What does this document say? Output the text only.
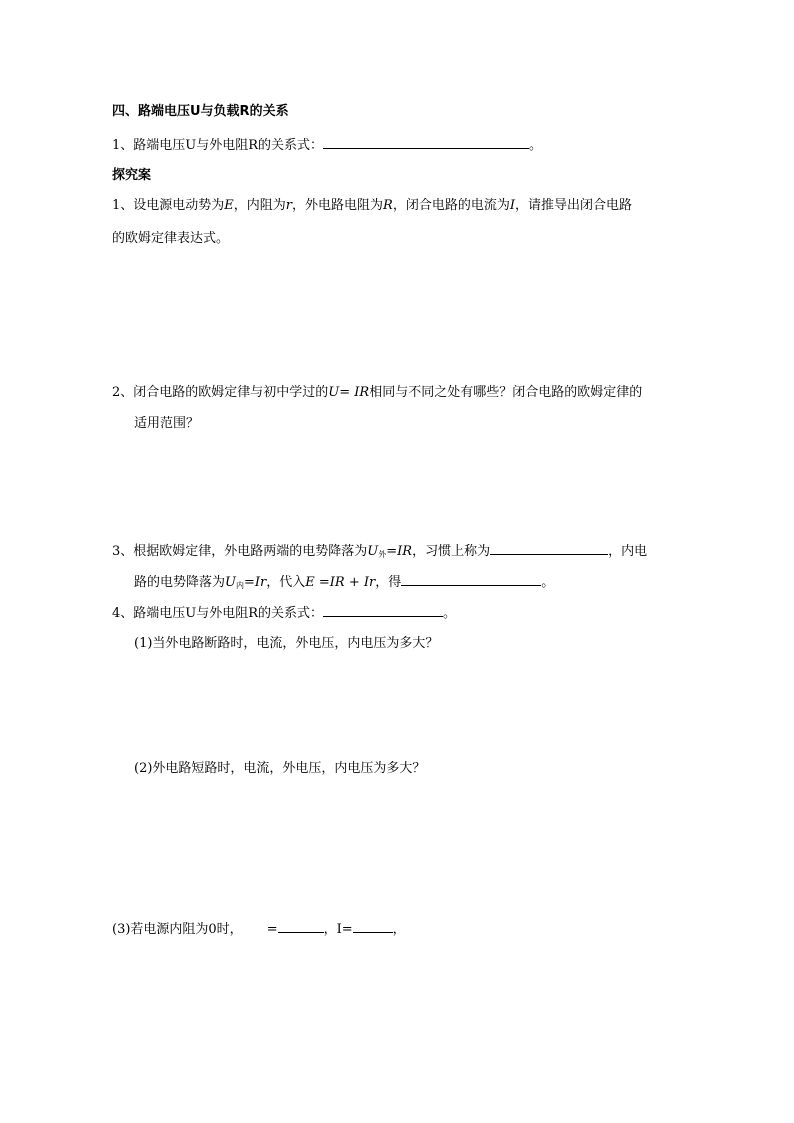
四、路端电压U与负载R的关系
1、路端电压U与外电阻R的关系式：	。
探究案
1、设电源电动势为E，内阻为r，外电路电阻为R，闭合电路的电流为I，请推导出闭合电路
的欧姆定律表达式。
2、闭合电路的欧姆定律与初中学过的U= IR相同与不同之处有哪些？闭合电路的欧姆定律的
适用范围？
3、根据欧姆定律，外电路两端的电势降落为$U_外=IR$，习惯上称为	，内电
路的电势降落为$U_内=Ir$，代入E =IR + Ir，得	。
4、路端电压U与外电阻R的关系式：	。
(1)当外电路断路时，电流，外电压，内电压为多大？
(2)外电路短路时，电流，外电压，内电压为多大？
(3)若电源内阻为0时， =	，I=	，
